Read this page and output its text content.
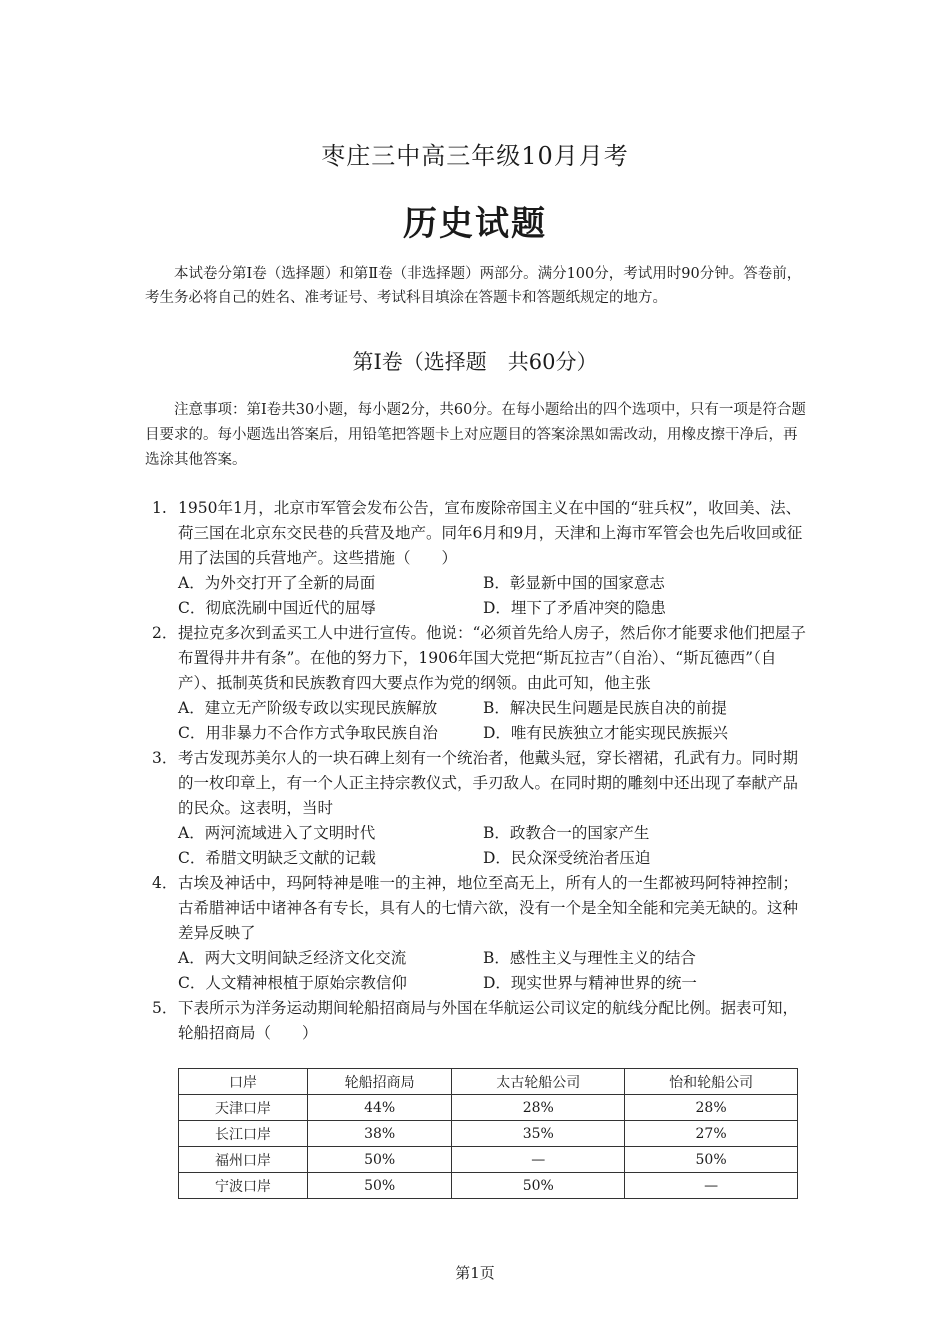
枣庄三中高三年级10月月考
历史试题
本试卷分第Ⅰ卷（选择题）和第Ⅱ卷（非选择题）两部分。满分100分，考试用时90分钟。答卷前，考生务必将自己的姓名、准考证号、考试科目填涂在答题卡和答题纸规定的地方。
第Ⅰ卷（选择题　共60分）
注意事项：第Ⅰ卷共30小题，每小题2分，共60分。在每小题给出的四个选项中，只有一项是符合题目要求的。每小题选出答案后，用铅笔把答题卡上对应题目的答案涂黑如需改动，用橡皮擦干净后，再选涂其他答案。
1. 1950年1月，北京市军管会发布公告，宣布废除帝国主义在中国的“驻兵权”，收回美、法、荷三国在北京东交民巷的兵营及地产。同年6月和9月，天津和上海市军管会也先后收回或征用了法国的兵营地产。这些措施（　　）
A．为外交打开了全新的局面	B．彰显新中国的国家意志
C．彻底洗刷中国近代的屈辱	D．埋下了矛盾冲突的隐患
2． 提拉克多次到孟买工人中进行宣传。他说：“必须首先给人房子，然后你才能要求他们把屋子布置得井井有条”。在他的努力下，1906年国大党把“斯瓦拉吉”（自治）、“斯瓦德西”（自产）、抵制英货和民族教育四大要点作为党的纲领。由此可知，他主张
A．建立无产阶级专政以实现民族解放	B．解决民生问题是民族自决的前提
C．用非暴力不合作方式争取民族自治	D．唯有民族独立才能实现民族振兴
3． 考古发现苏美尔人的一块石碑上刻有一个统治者，他戴头冠，穿长褶裙，孔武有力。同时期的一枚印章上，有一个人正主持宗教仪式，手刃敌人。在同时期的雕刻中还出现了奉献产品的民众。这表明，当时
A．两河流域进入了文明时代	B．政教合一的国家产生
C．希腊文明缺乏文献的记载	D．民众深受统治者压迫
4． 古埃及神话中，玛阿特神是唯一的主神，地位至高无上，所有人的一生都被玛阿特神控制；古希腊神话中诸神各有专长，具有人的七情六欲，没有一个是全知全能和完美无缺的。这种差异反映了
A．两大文明间缺乏经济文化交流	B．感性主义与理性主义的结合
C．人文精神根植于原始宗教信仰	D．现实世界与精神世界的统一
5． 下表所示为洋务运动期间轮船招商局与外国在华航运公司议定的航线分配比例。据表可知，轮船招商局（　　）
口岸	轮船招商局	太古轮船公司	怡和轮船公司
天津口岸	44%	28%	28%
长江口岸	38%	35%	27%
福州口岸	50%	—	50%
宁波口岸	50%	50%	—
第1页
